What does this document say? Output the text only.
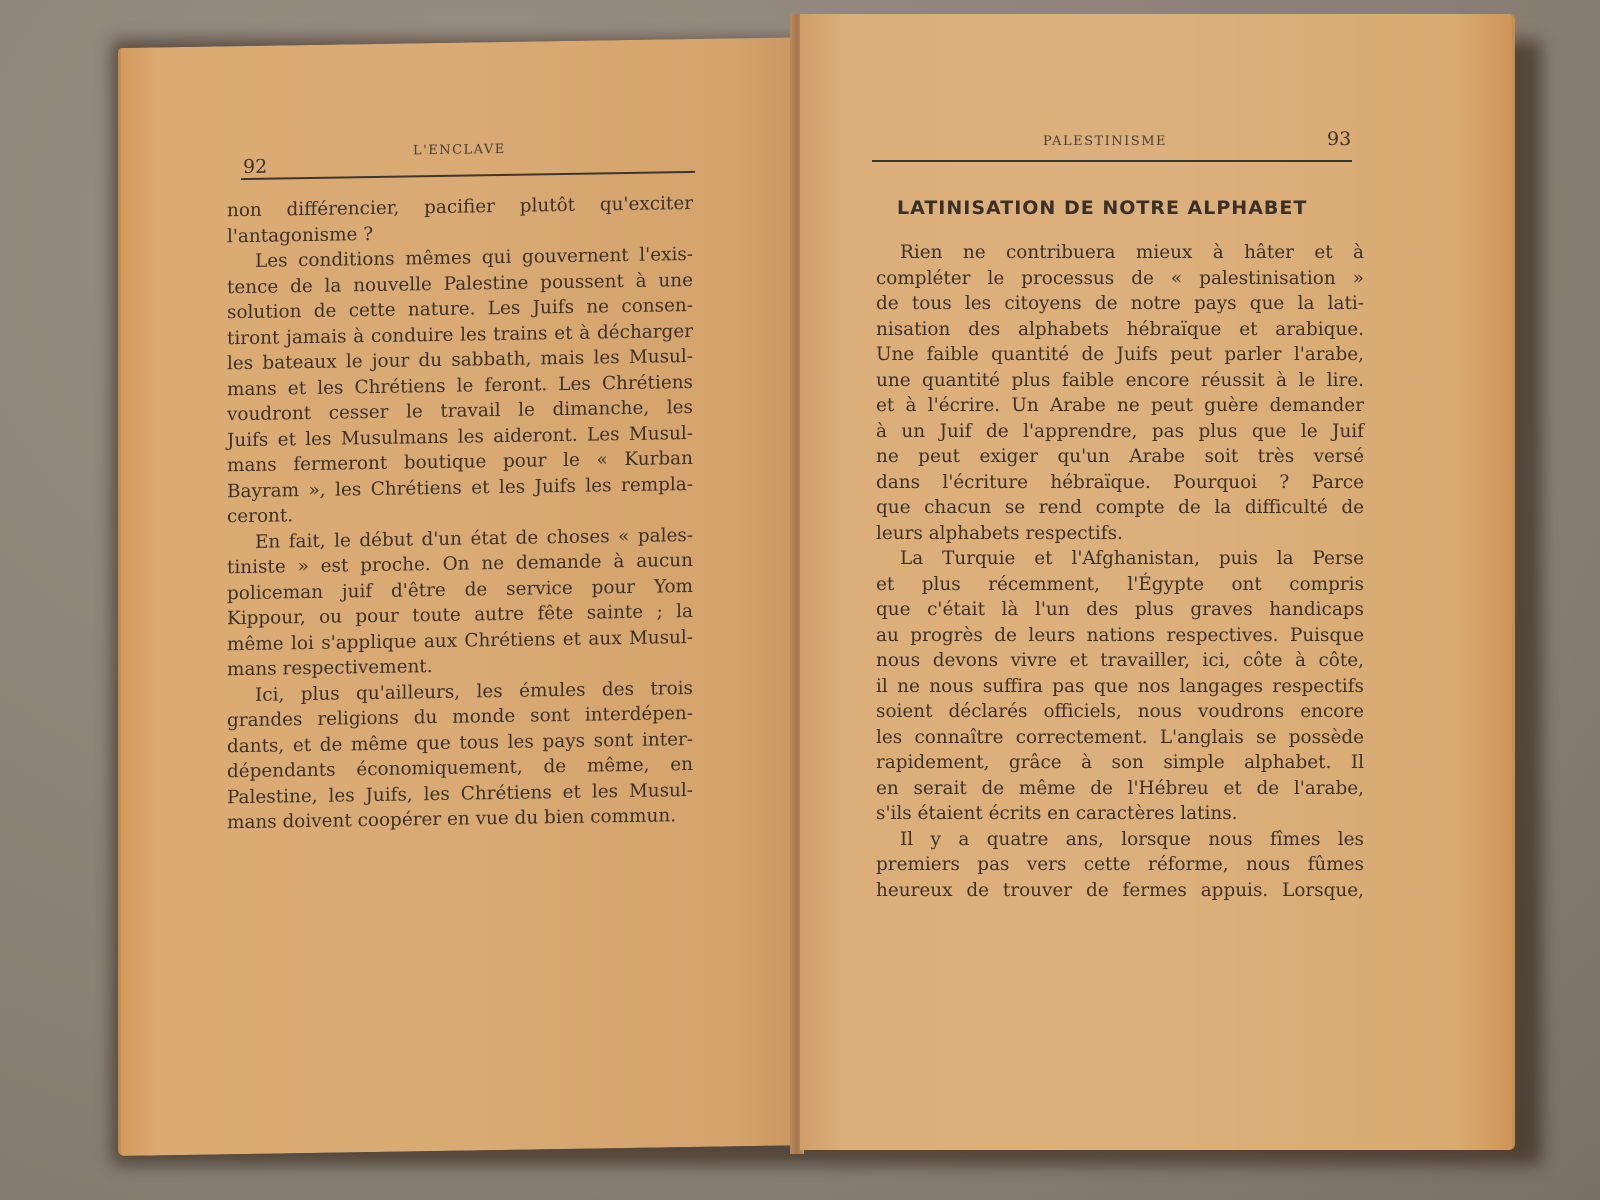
92
L'ENCLAVE
non différencier, pacifier plutôt qu'exciter
l'antagonisme ?
Les conditions mêmes qui gouvernent l'exis-
tence de la nouvelle Palestine poussent à une
solution de cette nature. Les Juifs ne consen-
tiront jamais à conduire les trains et à décharger
les bateaux le jour du sabbath, mais les Musul-
mans et les Chrétiens le feront. Les Chrétiens
voudront cesser le travail le dimanche, les
Juifs et les Musulmans les aideront. Les Musul-
mans fermeront boutique pour le « Kurban
Bayram », les Chrétiens et les Juifs les rempla-
ceront.
En fait, le début d'un état de choses « pales-
tiniste » est proche. On ne demande à aucun
policeman juif d'être de service pour Yom
Kippour, ou pour toute autre fête sainte ; la
même loi s'applique aux Chrétiens et aux Musul-
mans respectivement.
Ici, plus qu'ailleurs, les émules des trois
grandes religions du monde sont interdépen-
dants, et de même que tous les pays sont inter-
dépendants économiquement, de même, en
Palestine, les Juifs, les Chrétiens et les Musul-
mans doivent coopérer en vue du bien commun.
PALESTINISME	93
LATINISATION DE NOTRE ALPHABET
Rien ne contribuera mieux à hâter et à
compléter le processus de « palestinisation »
de tous les citoyens de notre pays que la lati-
nisation des alphabets hébraïque et arabique.
Une faible quantité de Juifs peut parler l'arabe,
une quantité plus faible encore réussit à le lire.
et à l'écrire. Un Arabe ne peut guère demander
à un Juif de l'apprendre, pas plus que le Juif
ne peut exiger qu'un Arabe soit très versé
dans l'écriture hébraïque. Pourquoi ? Parce
que chacun se rend compte de la difficulté de
leurs alphabets respectifs.
La Turquie et l'Afghanistan, puis la Perse
et plus récemment, l'Égypte ont compris
que c'était là l'un des plus graves handicaps
au progrès de leurs nations respectives. Puisque
nous devons vivre et travailler, ici, côte à côte,
il ne nous suffira pas que nos langages respectifs
soient déclarés officiels, nous voudrons encore
les connaître correctement. L'anglais se possède
rapidement, grâce à son simple alphabet. Il
en serait de même de l'Hébreu et de l'arabe,
s'ils étaient écrits en caractères latins.
Il y a quatre ans, lorsque nous fîmes les
premiers pas vers cette réforme, nous fûmes
heureux de trouver de fermes appuis. Lorsque,
